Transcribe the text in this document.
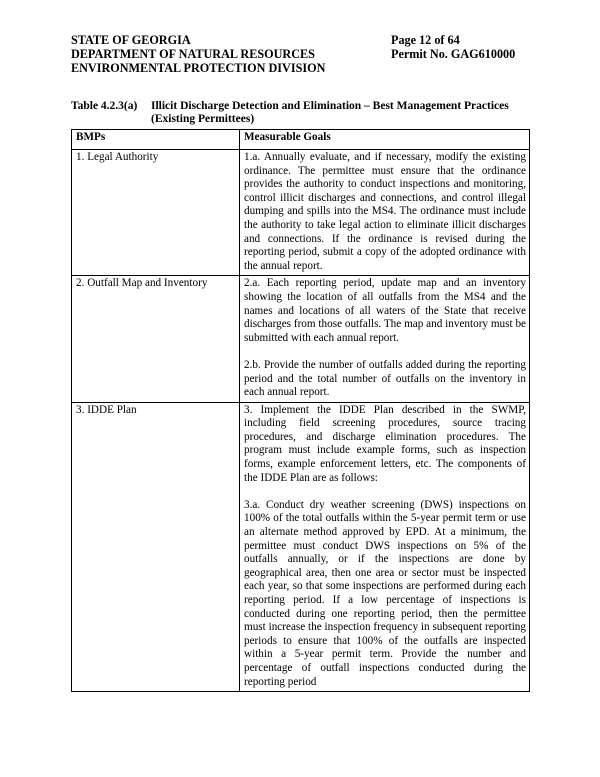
STATE OF GEORGIA	Page 12 of 64
DEPARTMENT OF NATURAL RESOURCES	Permit No. GAG610000
ENVIRONMENTAL PROTECTION DIVISION
Table 4.2.3(a) Illicit Discharge Detection and Elimination – Best Management Practices
(Existing Permittees)
BMPs	Measurable Goals
1. Legal Authority	1.a. Annually evaluate, and if necessary, modify the existing ordinance. The permittee must ensure that the ordinance provides the authority to conduct inspections and monitoring, control illicit discharges and connections, and control illegal dumping and spills into the MS4. The ordinance must include the authority to take legal action to eliminate illicit discharges and connections. If the ordinance is revised during the reporting period, submit a copy of the adopted ordinance with the annual report.

2. Outfall Map and Inventory	2.a. Each reporting period, update map and an inventory showing the location of all outfalls from the MS4 and the names and locations of all waters of the State that receive discharges from those outfalls. The map and inventory must be submitted with each annual report.

2.b. Provide the number of outfalls added during the reporting period and the total number of outfalls on the inventory in each annual report.

3. IDDE Plan	3. Implement the IDDE Plan described in the SWMP, including field screening procedures, source tracing procedures, and discharge elimination procedures. The program must include example forms, such as inspection forms, example enforcement letters, etc. The components of the IDDE Plan are as follows:

3.a. Conduct dry weather screening (DWS) inspections on 100% of the total outfalls within the 5-year permit term or use an alternate method approved by EPD. At a minimum, the permittee must conduct DWS inspections on 5% of the outfalls annually, or if the inspections are done by geographical area, then one area or sector must be inspected each year, so that some inspections are performed during each reporting period. If a low percentage of inspections is conducted during one reporting period, then the permittee must increase the inspection frequency in subsequent reporting periods to ensure that 100% of the outfalls are inspected within a 5-year permit term. Provide the number and percentage of outfall inspections conducted during the reporting period
